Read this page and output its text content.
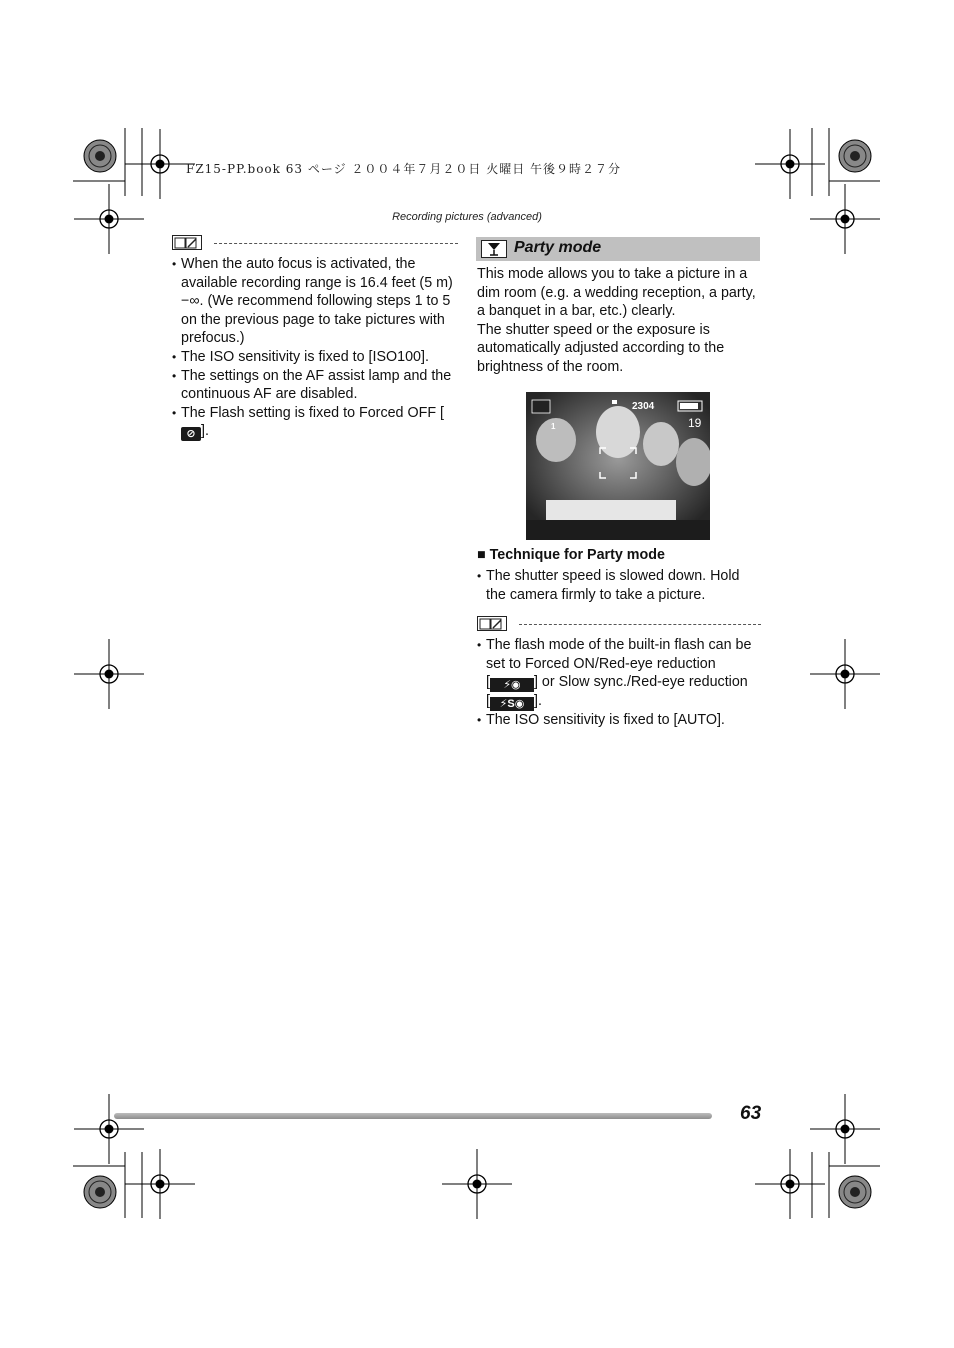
FZ15-PP.book 63 ページ ２００４年７月２０日 火曜日 午後９時２７分
Recording pictures (advanced)
• When the auto focus is activated, the available recording range is 16.4 feet (5 m)−∞. (We recommend following steps 1 to 5 on the previous page to take pictures with prefocus.)
• The ISO sensitivity is fixed to [ISO100].
• The settings on the AF assist lamp and the continuous AF are disabled.
• The Flash setting is fixed to Forced OFF [⊘ ].
Party mode
This mode allows you to take a picture in a dim room (e.g. a wedding reception, a party, a banquet in a bar, etc.) clearly.
The shutter speed or the exposure is automatically adjusted according to the brightness of the room.
2304
19
1
■ Technique for Party mode
• The shutter speed is slowed down. Hold the camera firmly to take a picture.
• The flash mode of the built-in flash can be set to Forced ON/Red-eye reduction
[ ⚡◉ ] or Slow sync./Red-eye reduction
[ ⚡S◉ ].
• The ISO sensitivity is fixed to [AUTO].
63
